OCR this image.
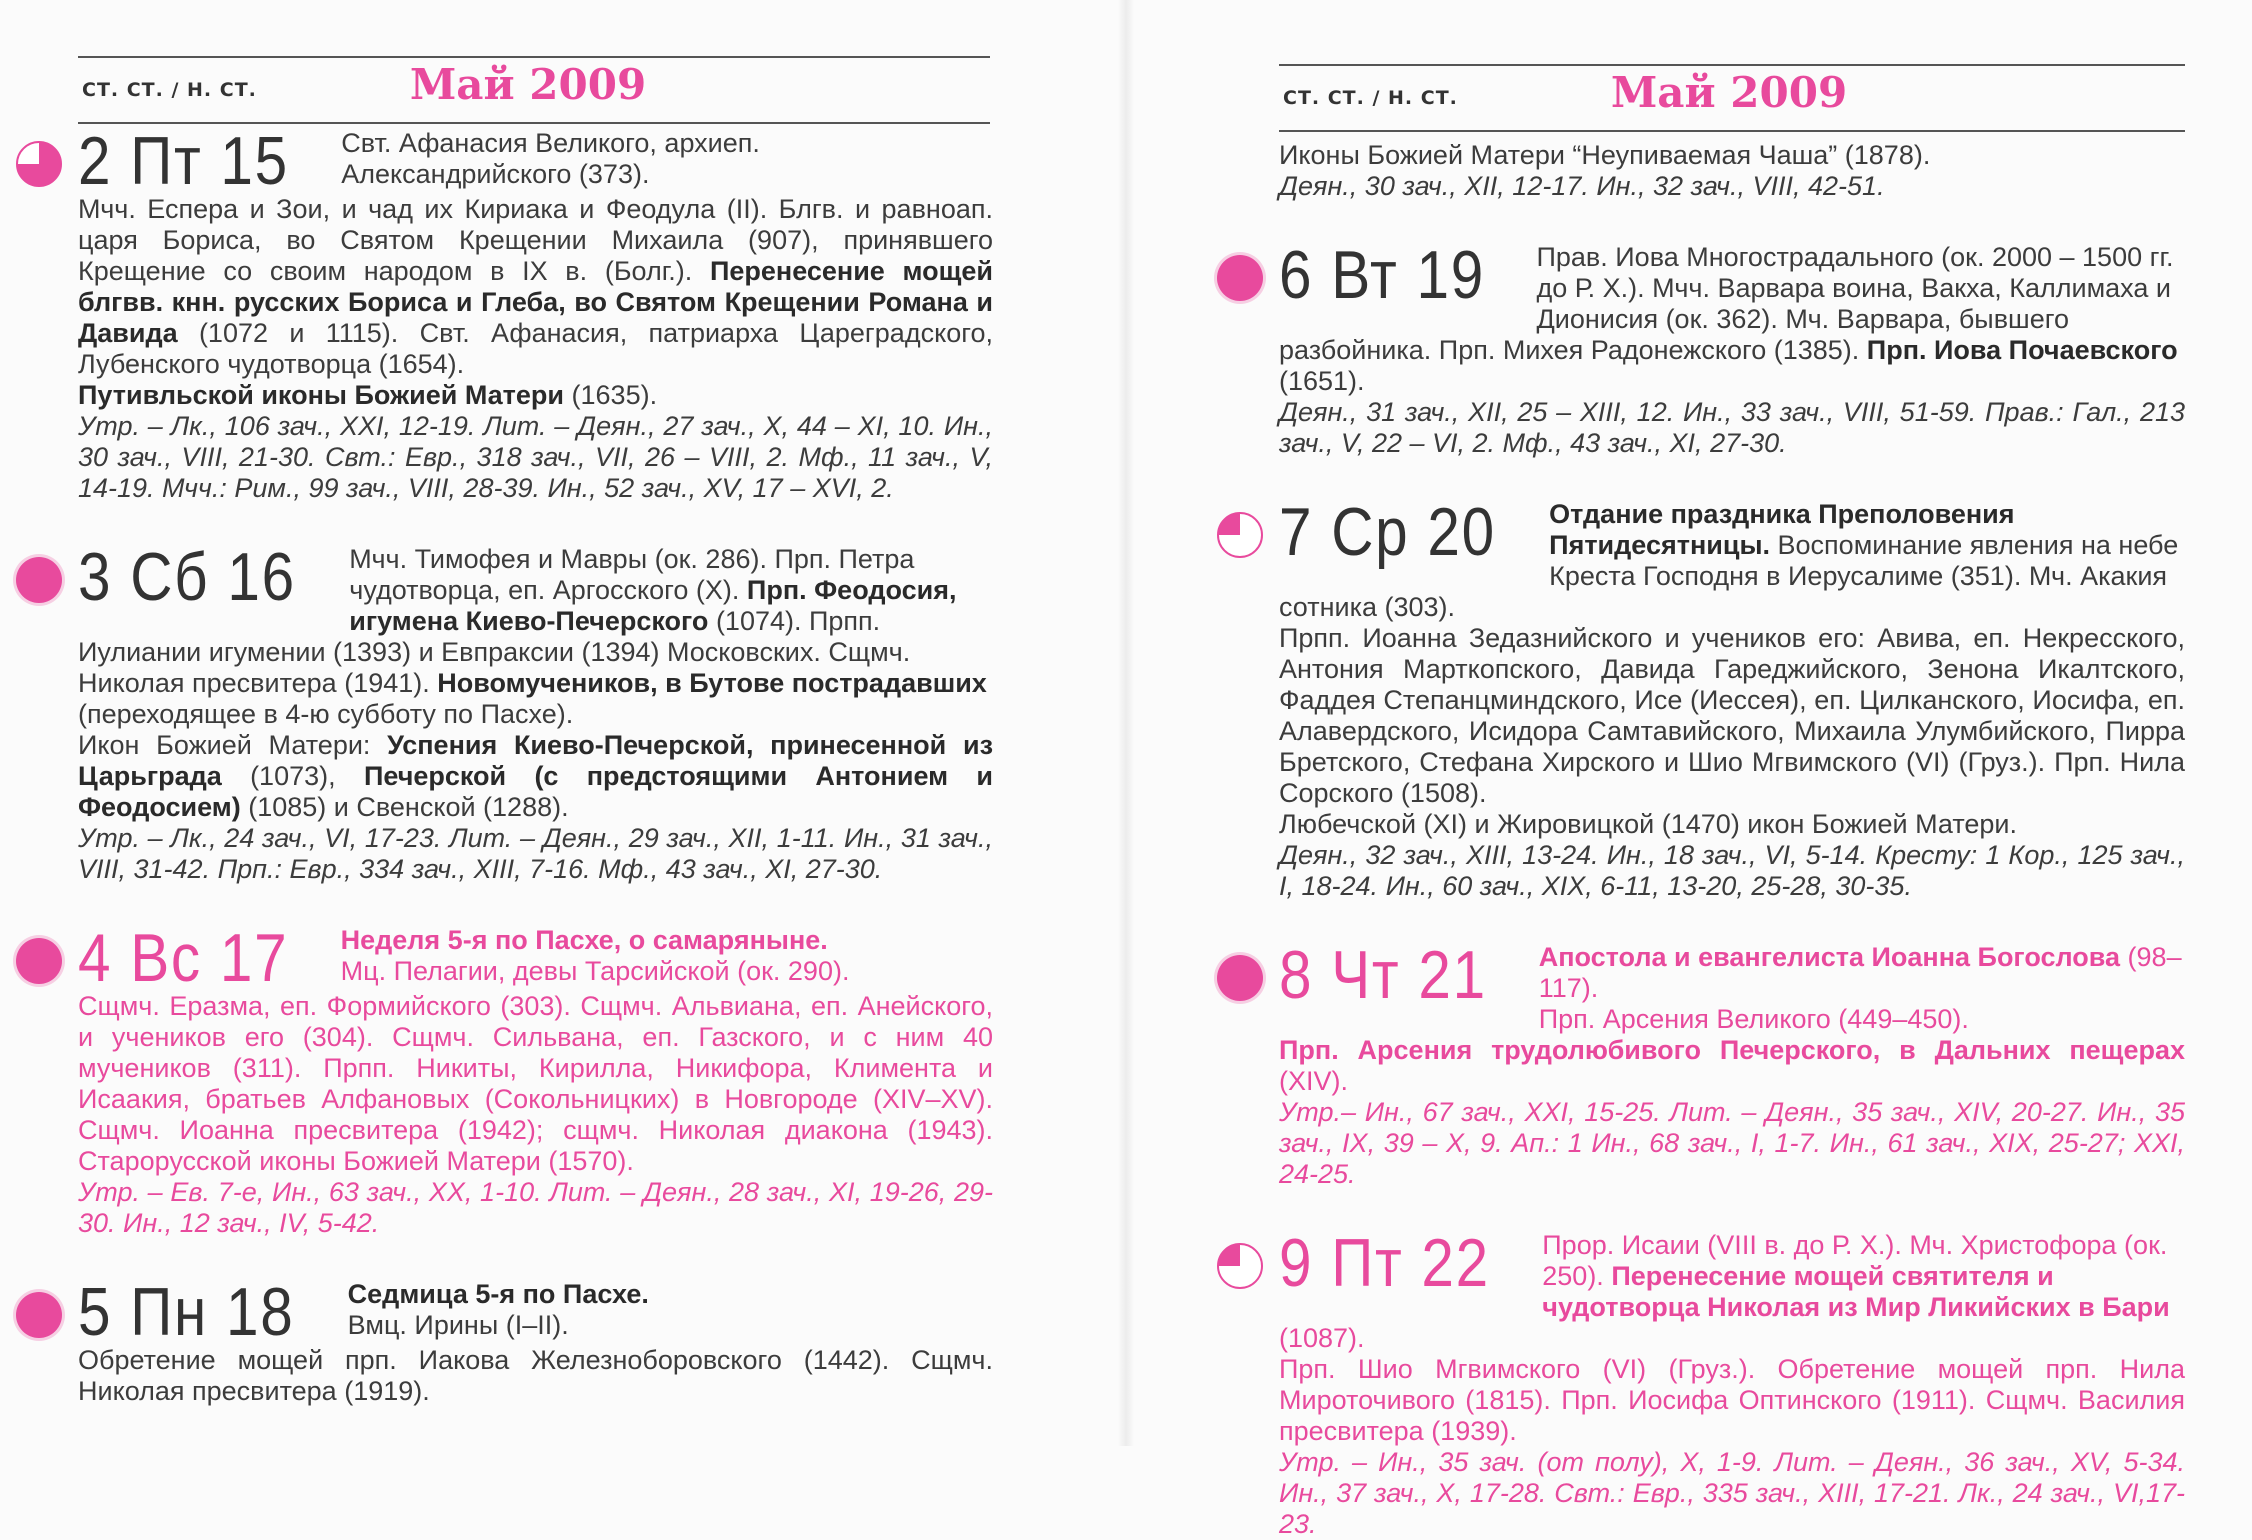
СТ. СТ. / Н. СТ.	Май 2009
2 Пт 15	Свт. Афанасия Великого, архиеп. Александрийского (373).
Мчч. Еспера и Зои, и чад их Кириака и Феодула (II). Блгв. и равноап. царя Бориса, во Святом Крещении Михаила (907), принявшего Крещение со своим народом в IX в. (Болг.). Перенесение мощей блгвв. кнн. русских Бориса и Глеба, во Святом Крещении Романа и Давида (1072 и 1115). Свт. Афанасия, патриарха Цареградского, Лубенского чудотворца (1654).
Путивльской иконы Божией Матери (1635).
Утр. – Лк., 106 зач., XXI, 12-19. Лит. – Деян., 27 зач., X, 44 – XI, 10. Ин., 30 зач., VIII, 21-30. Свт.: Евр., 318 зач., VII, 26 – VIII, 2. Мф., 11 зач., V, 14-19. Мчч.: Рим., 99 зач., VIII, 28-39. Ин., 52 зач., XV, 17 – XVI, 2.
3 Сб 16	Мчч. Тимофея и Мавры (ок. 286). Прп. Петра чудотворца, еп. Аргосского (X). Прп. Феодосия, игумена Киево-Печерского (1074). Прпп. Иулиании игумении (1393) и Евпраксии (1394) Московских. Сщмч. Николая пресвитера (1941). Новомучеников, в Бутове пострадавших (переходящее в 4-ю субботу по Пасхе).
Икон Божией Матери: Успения Киево-Печерской, принесенной из Царьграда (1073), Печерской (с предстоящими Антонием и Феодосием) (1085) и Свенской (1288).
Утр. – Лк., 24 зач., VI, 17-23. Лит. – Деян., 29 зач., XII, 1-11. Ин., 31 зач., VIII, 31-42. Прп.: Евр., 334 зач., XIII, 7-16. Мф., 43 зач., XI, 27-30.
4 Вс 17	Неделя 5-я по Пасхе, о самаряныне.
Мц. Пелагии, девы Тарсийской (ок. 290).
Сщмч. Еразма, еп. Формийского (303). Сщмч. Альвиана, еп. Анейского, и учеников его (304). Сщмч. Сильвана, еп. Газского, и с ним 40 мучеников (311). Прпп. Никиты, Кирилла, Никифора, Климента и Исаакия, братьев Алфановых (Сокольницких) в Новгороде (XIV–XV). Сщмч. Иоанна пресвитера (1942); сщмч. Николая диакона (1943). Старорусской иконы Божией Матери (1570).
Утр. – Ев. 7-е, Ин., 63 зач., XX, 1-10. Лит. – Деян., 28 зач., XI, 19-26, 29-30. Ин., 12 зач., IV, 5-42.
5 Пн 18	Седмица 5-я по Пасхе.
Вмц. Ирины (I–II).
Обретение мощей прп. Иакова Железноборовского (1442). Сщмч. Николая пресвитера (1919).
СТ. СТ. / Н. СТ.	Май 2009
Иконы Божией Матери “Неупиваемая Чаша” (1878).
Деян., 30 зач., XII, 12-17. Ин., 32 зач., VIII, 42-51.
6 Вт 19	Прав. Иова Многострадального (ок. 2000 – 1500 гг. до Р. Х.). Мчч. Варвара воина, Вакха, Каллимаха и Дионисия (ок. 362). Мч. Варвара, бывшего разбойника. Прп. Михея Радонежского (1385). Прп. Иова Почаевского (1651).
Деян., 31 зач., XII, 25 – XIII, 12. Ин., 33 зач., VIII, 51-59. Прав.: Гал., 213 зач., V, 22 – VI, 2. Мф., 43 зач., XI, 27-30.
7 Ср 20	Отдание праздника Преполовения Пятидесятницы. Воспоминание явления на небе Креста Господня в Иерусалиме (351). Мч. Акакия сотника (303).
Прпп. Иоанна Зедазнийского и учеников его: Авива, еп. Некресского, Антония Марткопского, Давида Гареджийского, Зенона Икалтского, Фаддея Степанцминдского, Исе (Иессея), еп. Цилканского, Иосифа, еп. Алавердского, Исидора Самтавийского, Михаила Улумбийского, Пирра Бретского, Стефана Хирского и Шио Мгвимского (VI) (Груз.). Прп. Нила Сорского (1508).
Любечской (XI) и Жировицкой (1470) икон Божией Матери.
Деян., 32 зач., XIII, 13-24. Ин., 18 зач., VI, 5-14. Кресту: 1 Кор., 125 зач., I, 18-24. Ин., 60 зач., XIX, 6-11, 13-20, 25-28, 30-35.
8 Чт 21	Апостола и евангелиста Иоанна Богослова (98–117).
Прп. Арсения Великого (449–450).
Прп. Арсения трудолюбивого Печерского, в Дальних пещерах (XIV).
Утр.– Ин., 67 зач., XXI, 15-25. Лит. – Деян., 35 зач., XIV, 20-27. Ин., 35 зач., IX, 39 – X, 9. Ап.: 1 Ин., 68 зач., I, 1-7. Ин., 61 зач., XIX, 25-27; XXI, 24-25.
9 Пт 22	Прор. Исаии (VIII в. до Р. Х.). Мч. Христофора (ок. 250). Перенесение мощей святителя и чудотворца Николая из Мир Ликийских в Бари (1087).
Прп. Шио Мгвимского (VI) (Груз.). Обретение мощей прп. Нила Мироточивого (1815). Прп. Иосифа Оптинского (1911). Сщмч. Василия пресвитера (1939).
Утр. – Ин., 35 зач. (от полу), X, 1-9. Лит. – Деян., 36 зач., XV, 5-34. Ин., 37 зач., X, 17-28. Свт.: Евр., 335 зач., XIII, 17-21. Лк., 24 зач., VI,17-23.
